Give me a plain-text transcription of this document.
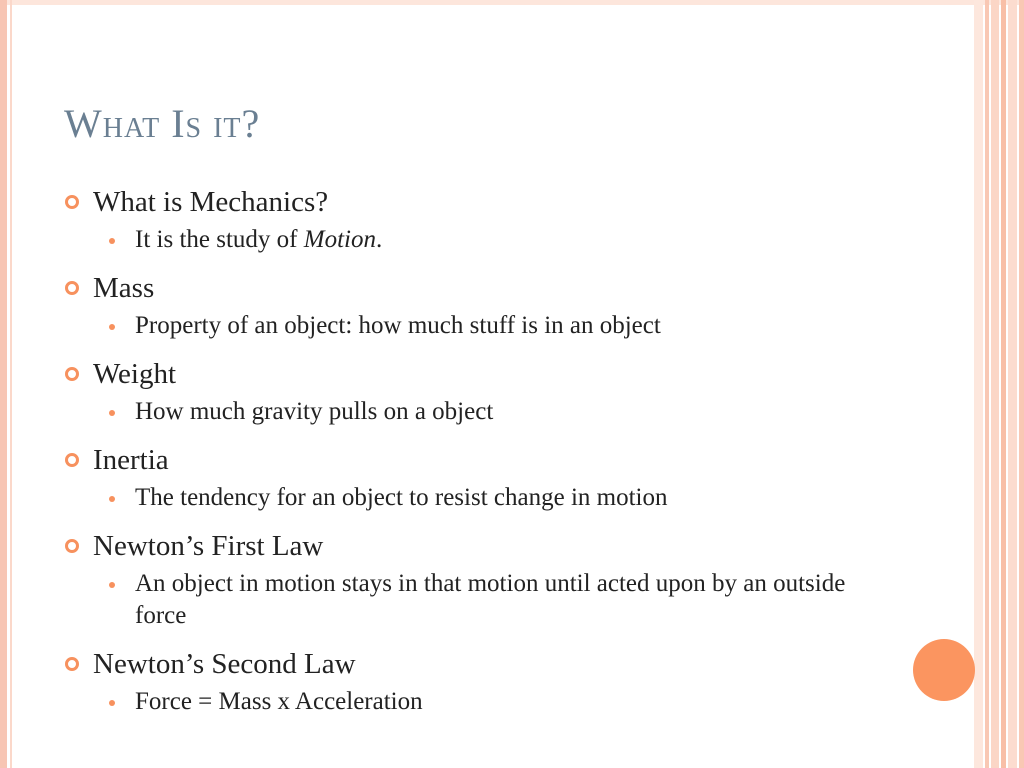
What Is it?

What is Mechanics?

It is the study of Motion.

Mass

Property of an object: how much stuff is in an object

Weight

How much gravity pulls on a object

Inertia

The tendency for an object to resist change in motion

Newton’s First Law

An object in motion stays in that motion until acted upon by an outside force

Newton’s Second Law

Force = Mass x Acceleration
